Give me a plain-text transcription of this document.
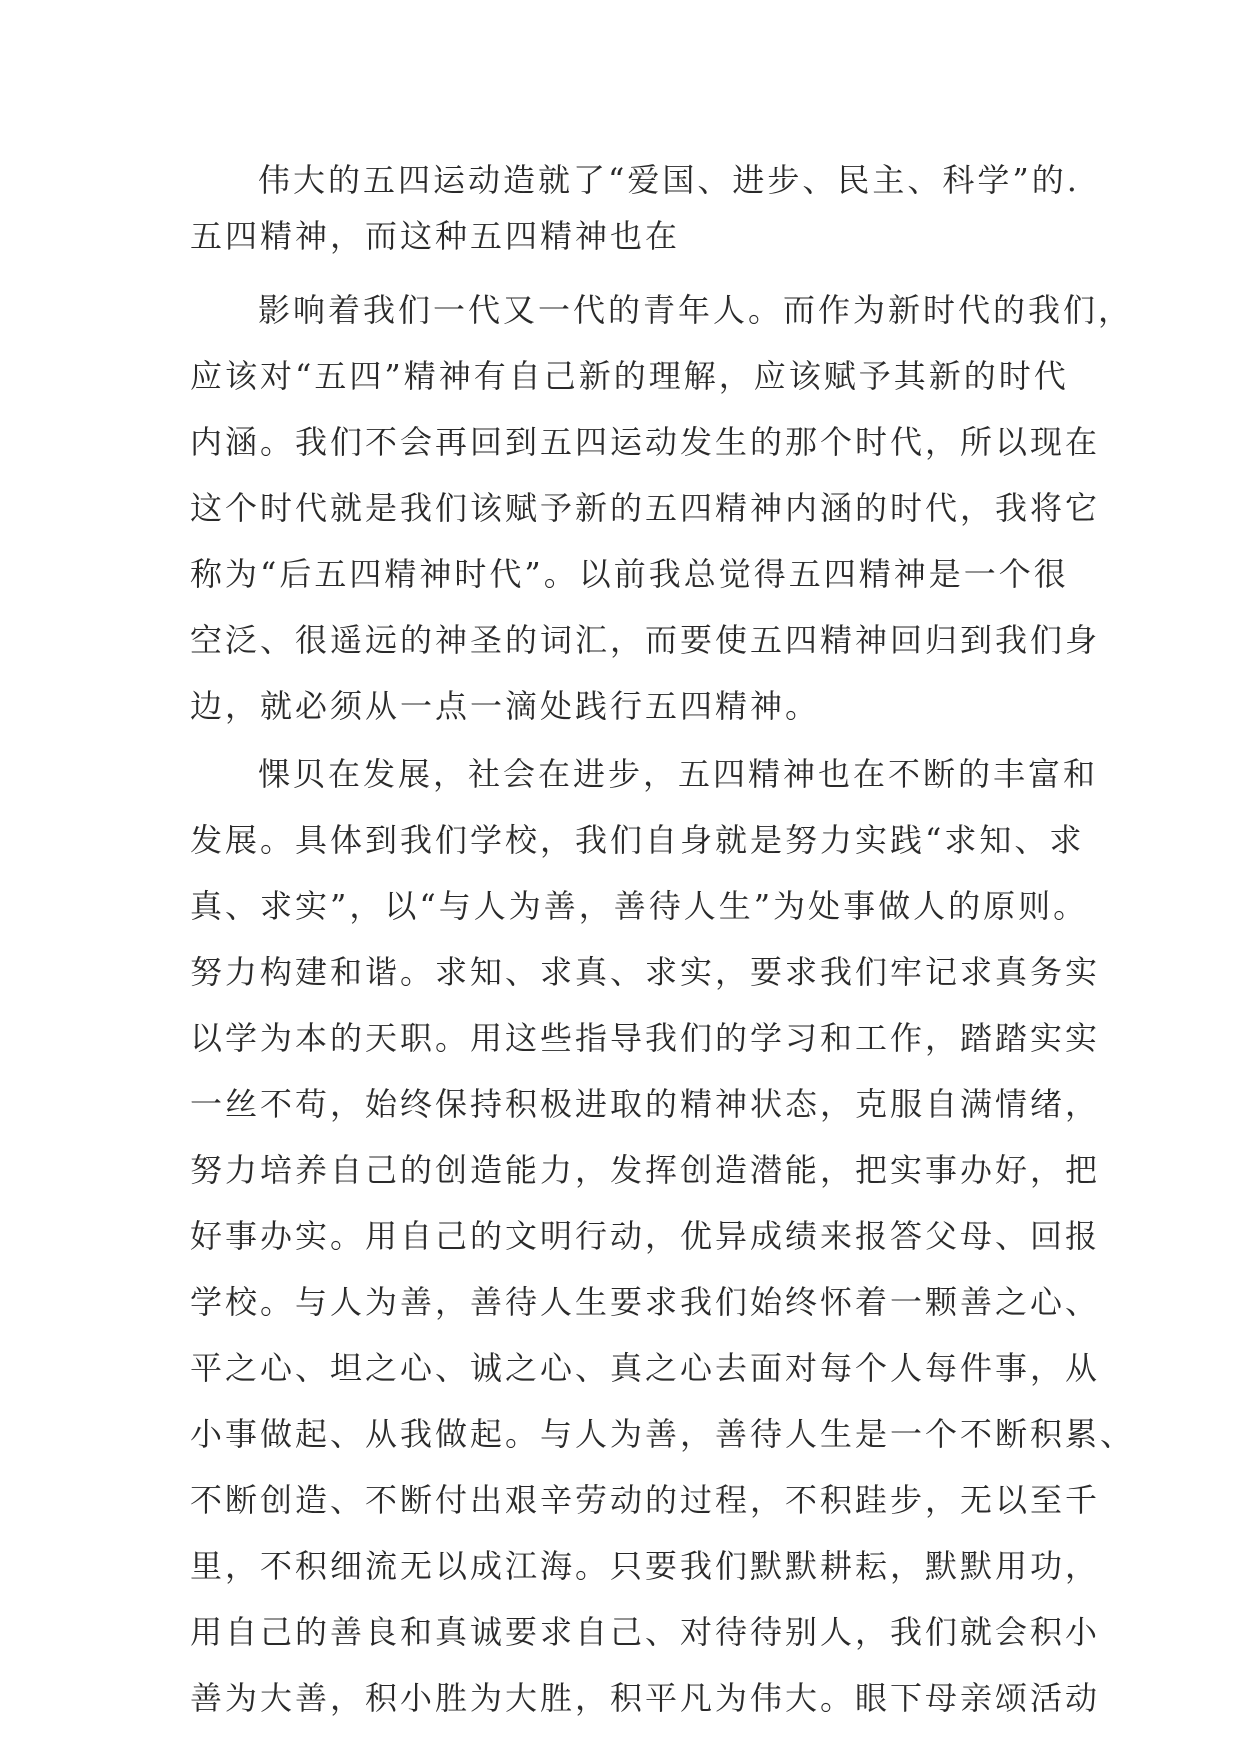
伟大的五四运动造就了“爱国、进步、民主、科学”的.
五四精神，而这种五四精神也在
影响着我们一代又一代的青年人。而作为新时代的我们，
应该对“五四”精神有自己新的理解，应该赋予其新的时代
内涵。我们不会再回到五四运动发生的那个时代，所以现在
这个时代就是我们该赋予新的五四精神内涵的时代，我将它
称为“后五四精神时代”。以前我总觉得五四精神是一个很
空泛、很遥远的神圣的词汇，而要使五四精神回归到我们身
边，就必须从一点一滴处践行五四精神。
惈贝在发展，社会在进步，五四精神也在不断的丰富和
发展。具体到我们学校，我们自身就是努力实践“求知、求
真、求实”，以“与人为善，善待人生”为处事做人的原则。
努力构建和谐。求知、求真、求实，要求我们牢记求真务实
以学为本的天职。用这些指导我们的学习和工作，踏踏实实
一丝不苟，始终保持积极进取的精神状态，克服自满情绪，
努力培养自己的创造能力，发挥创造潜能，把实事办好，把
好事办实。用自己的文明行动，优异成绩来报答父母、回报
学校。与人为善，善待人生要求我们始终怀着一颗善之心、
平之心、坦之心、诚之心、真之心去面对每个人每件事，从
小事做起、从我做起。与人为善，善待人生是一个不断积累、
不断创造、不断付出艰辛劳动的过程，不积跬步，无以至千
里，不积细流无以成江海。只要我们默默耕耘，默默用功，
用自己的善良和真诚要求自己、对待待别人，我们就会积小
善为大善，积小胜为大胜，积平凡为伟大。眼下母亲颂活动
